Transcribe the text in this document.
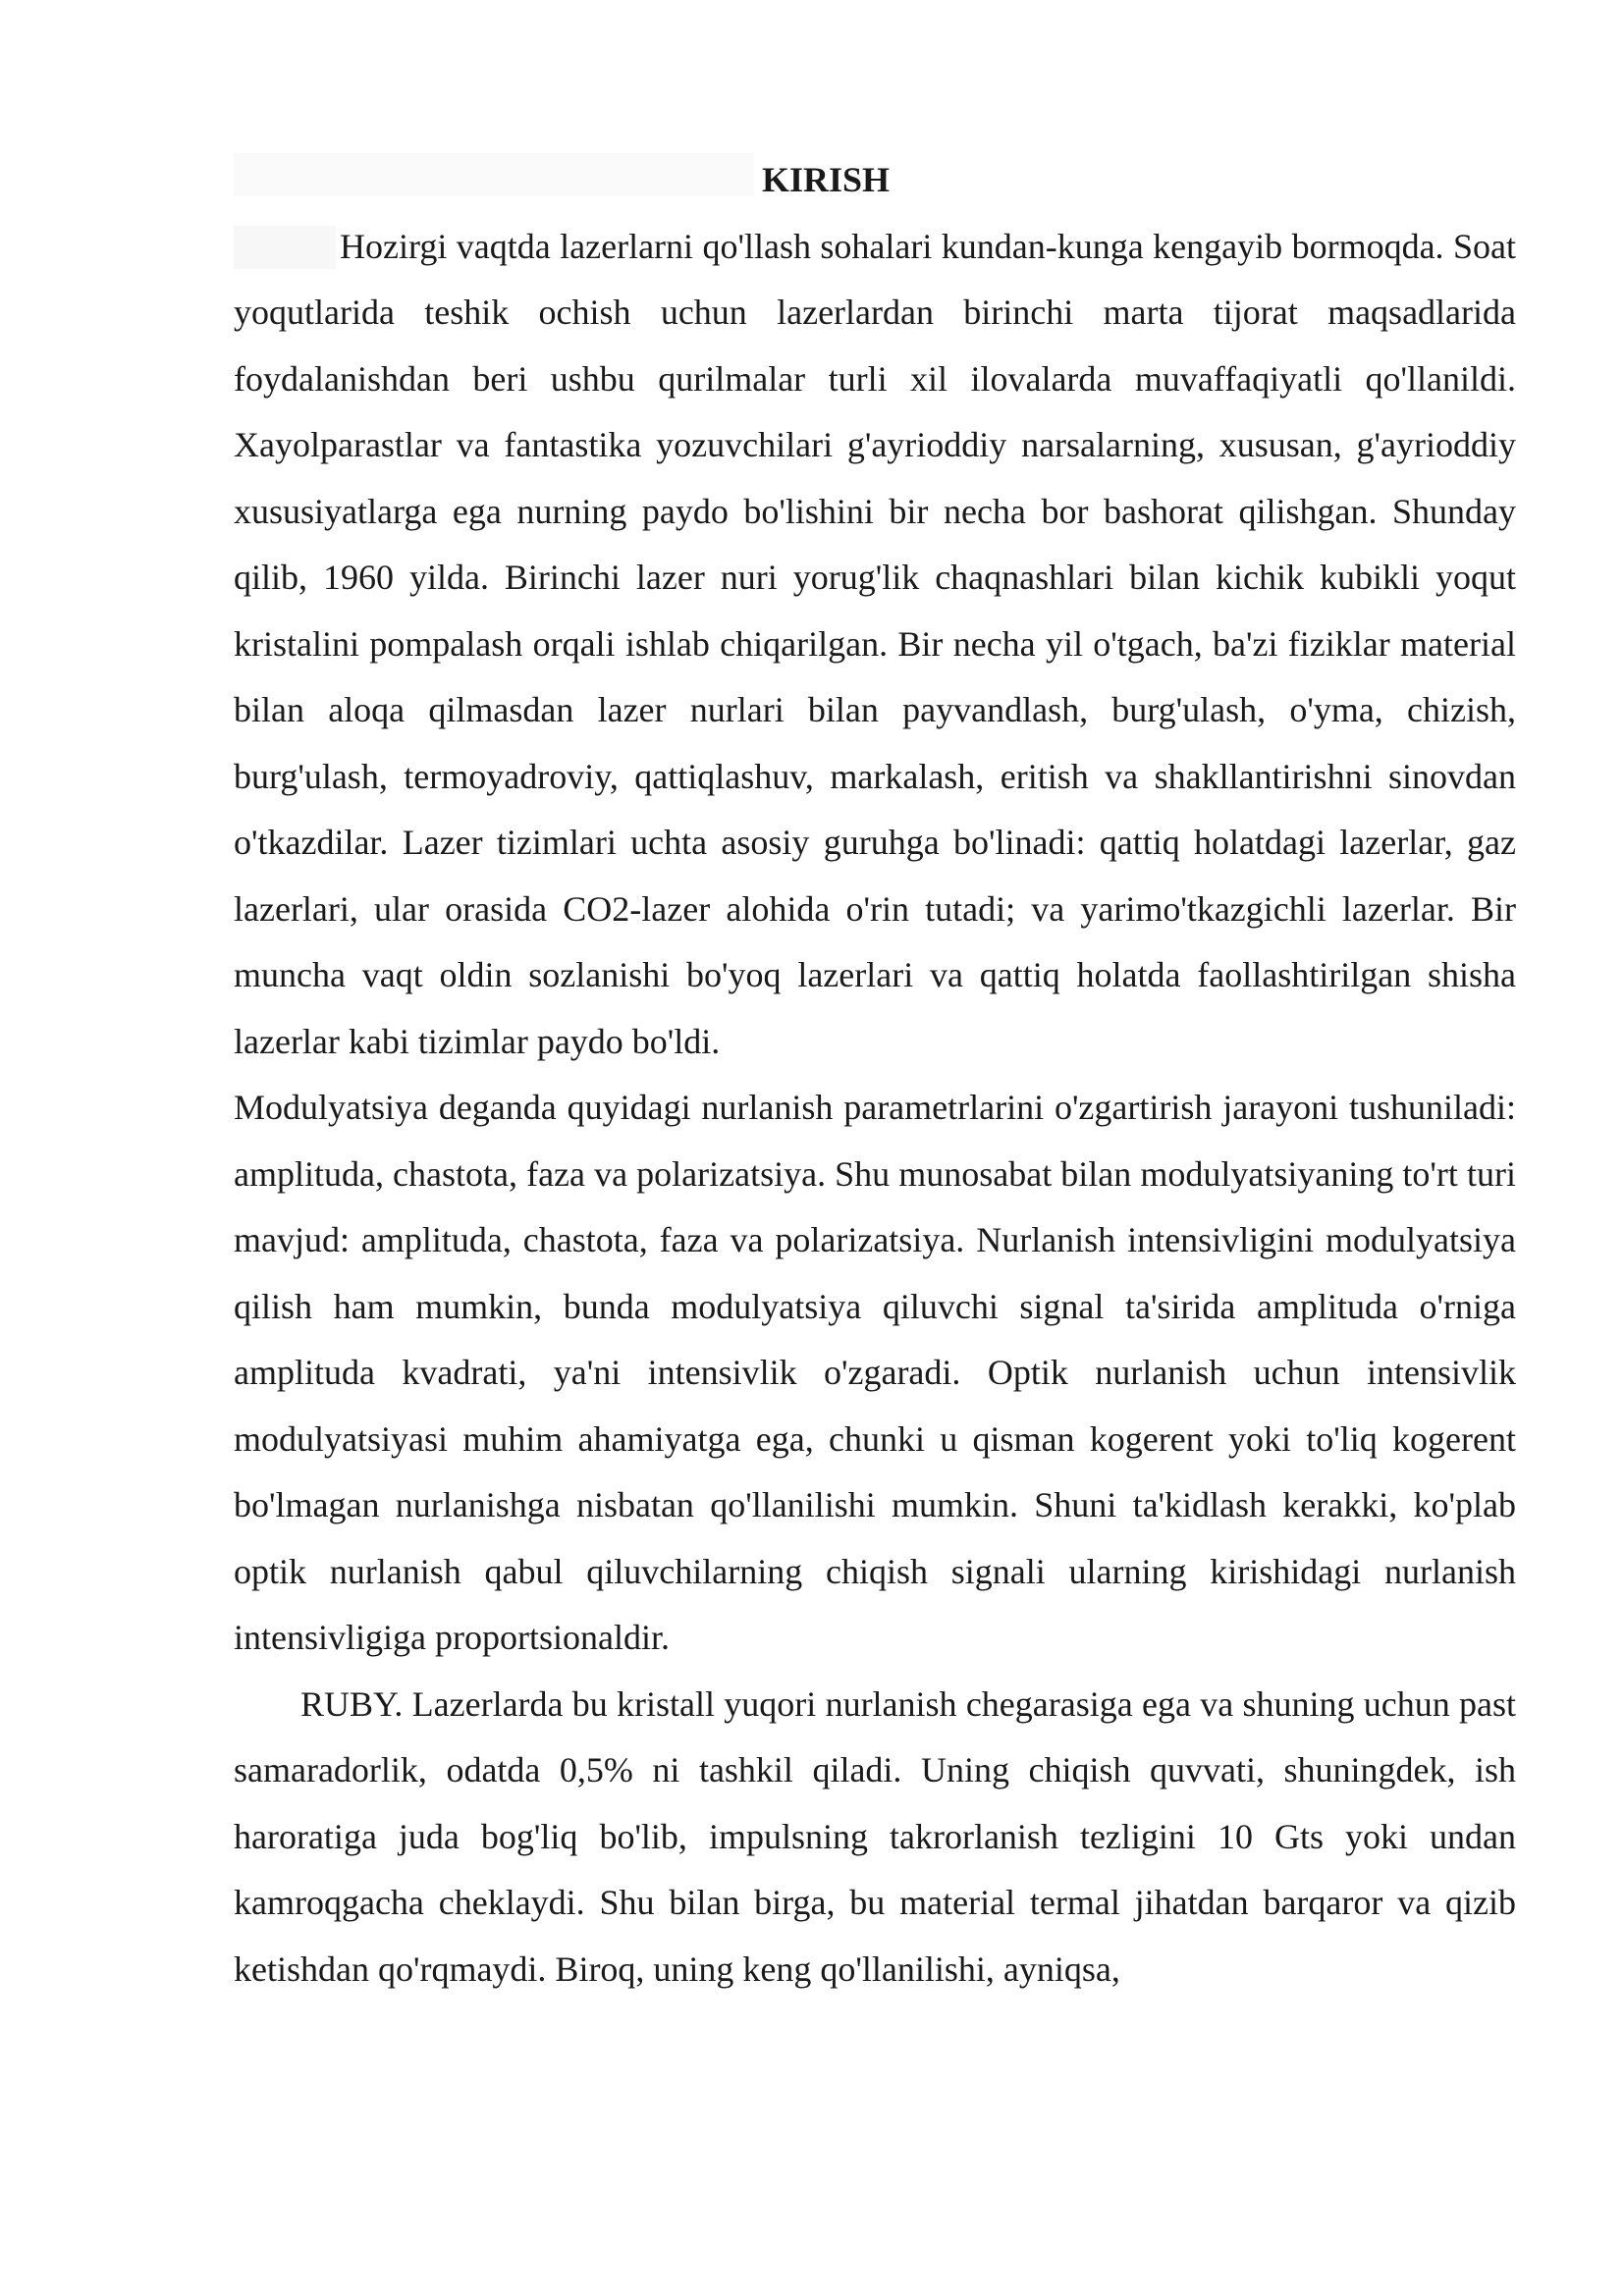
KIRISH

Hozirgi vaqtda lazerlarni qo'llash sohalari kundan-kunga kengayib bormoqda. Soat yoqutlarida teshik ochish uchun lazerlardan birinchi marta tijorat maqsadlarida foydalanishdan beri ushbu qurilmalar turli xil ilovalarda muvaffaqiyatli qo'llanildi. Xayolparastlar va fantastika yozuvchilari g'ayrioddiy narsalarning, xususan, g'ayrioddiy xususiyatlarga ega nurning paydo bo'lishini bir necha bor bashorat qilishgan. Shunday qilib, 1960 yilda. Birinchi lazer nuri yorug'lik chaqnashlari bilan kichik kubikli yoqut kristalini pompalash orqali ishlab chiqarilgan. Bir necha yil o'tgach, ba'zi fiziklar material bilan aloqa qilmasdan lazer nurlari bilan payvandlash, burg'ulash, o'yma, chizish, burg'ulash, termoyadroviy, qattiqlashuv, markalash, eritish va shakllantirishni sinovdan o'tkazdilar. Lazer tizimlari uchta asosiy guruhga bo'linadi: qattiq holatdagi lazerlar, gaz lazerlari, ular orasida CO2-lazer alohida o'rin tutadi; va yarimo'tkazgichli lazerlar. Bir muncha vaqt oldin sozlanishi bo'yoq lazerlari va qattiq holatda faollashtirilgan shisha lazerlar kabi tizimlar paydo bo'ldi.

Modulyatsiya deganda quyidagi nurlanish parametrlarini o'zgartirish jarayoni tushuniladi: amplituda, chastota, faza va polarizatsiya. Shu munosabat bilan modulyatsiyaning to'rt turi mavjud: amplituda, chastota, faza va polarizatsiya. Nurlanish intensivligini modulyatsiya qilish ham mumkin, bunda modulyatsiya qiluvchi signal ta'sirida amplituda o'rniga amplituda kvadrati, ya'ni intensivlik o'zgaradi. Optik nurlanish uchun intensivlik modulyatsiyasi muhim ahamiyatga ega, chunki u qisman kogerent yoki to'liq kogerent bo'lmagan nurlanishga nisbatan qo'llanilishi mumkin. Shuni ta'kidlash kerakki, ko'plab optik nurlanish qabul qiluvchilarning chiqish signali ularning kirishidagi nurlanish intensivligiga proportsionaldir.

RUBY. Lazerlarda bu kristall yuqori nurlanish chegarasiga ega va shuning uchun past samaradorlik, odatda 0,5% ni tashkil qiladi. Uning chiqish quvvati, shuningdek, ish haroratiga juda bog'liq bo'lib, impulsning takrorlanish tezligini 10 Gts yoki undan kamroqgacha cheklaydi. Shu bilan birga, bu material termal jihatdan barqaror va qizib ketishdan qo'rqmaydi. Biroq, uning keng qo'llanilishi, ayniqsa,
